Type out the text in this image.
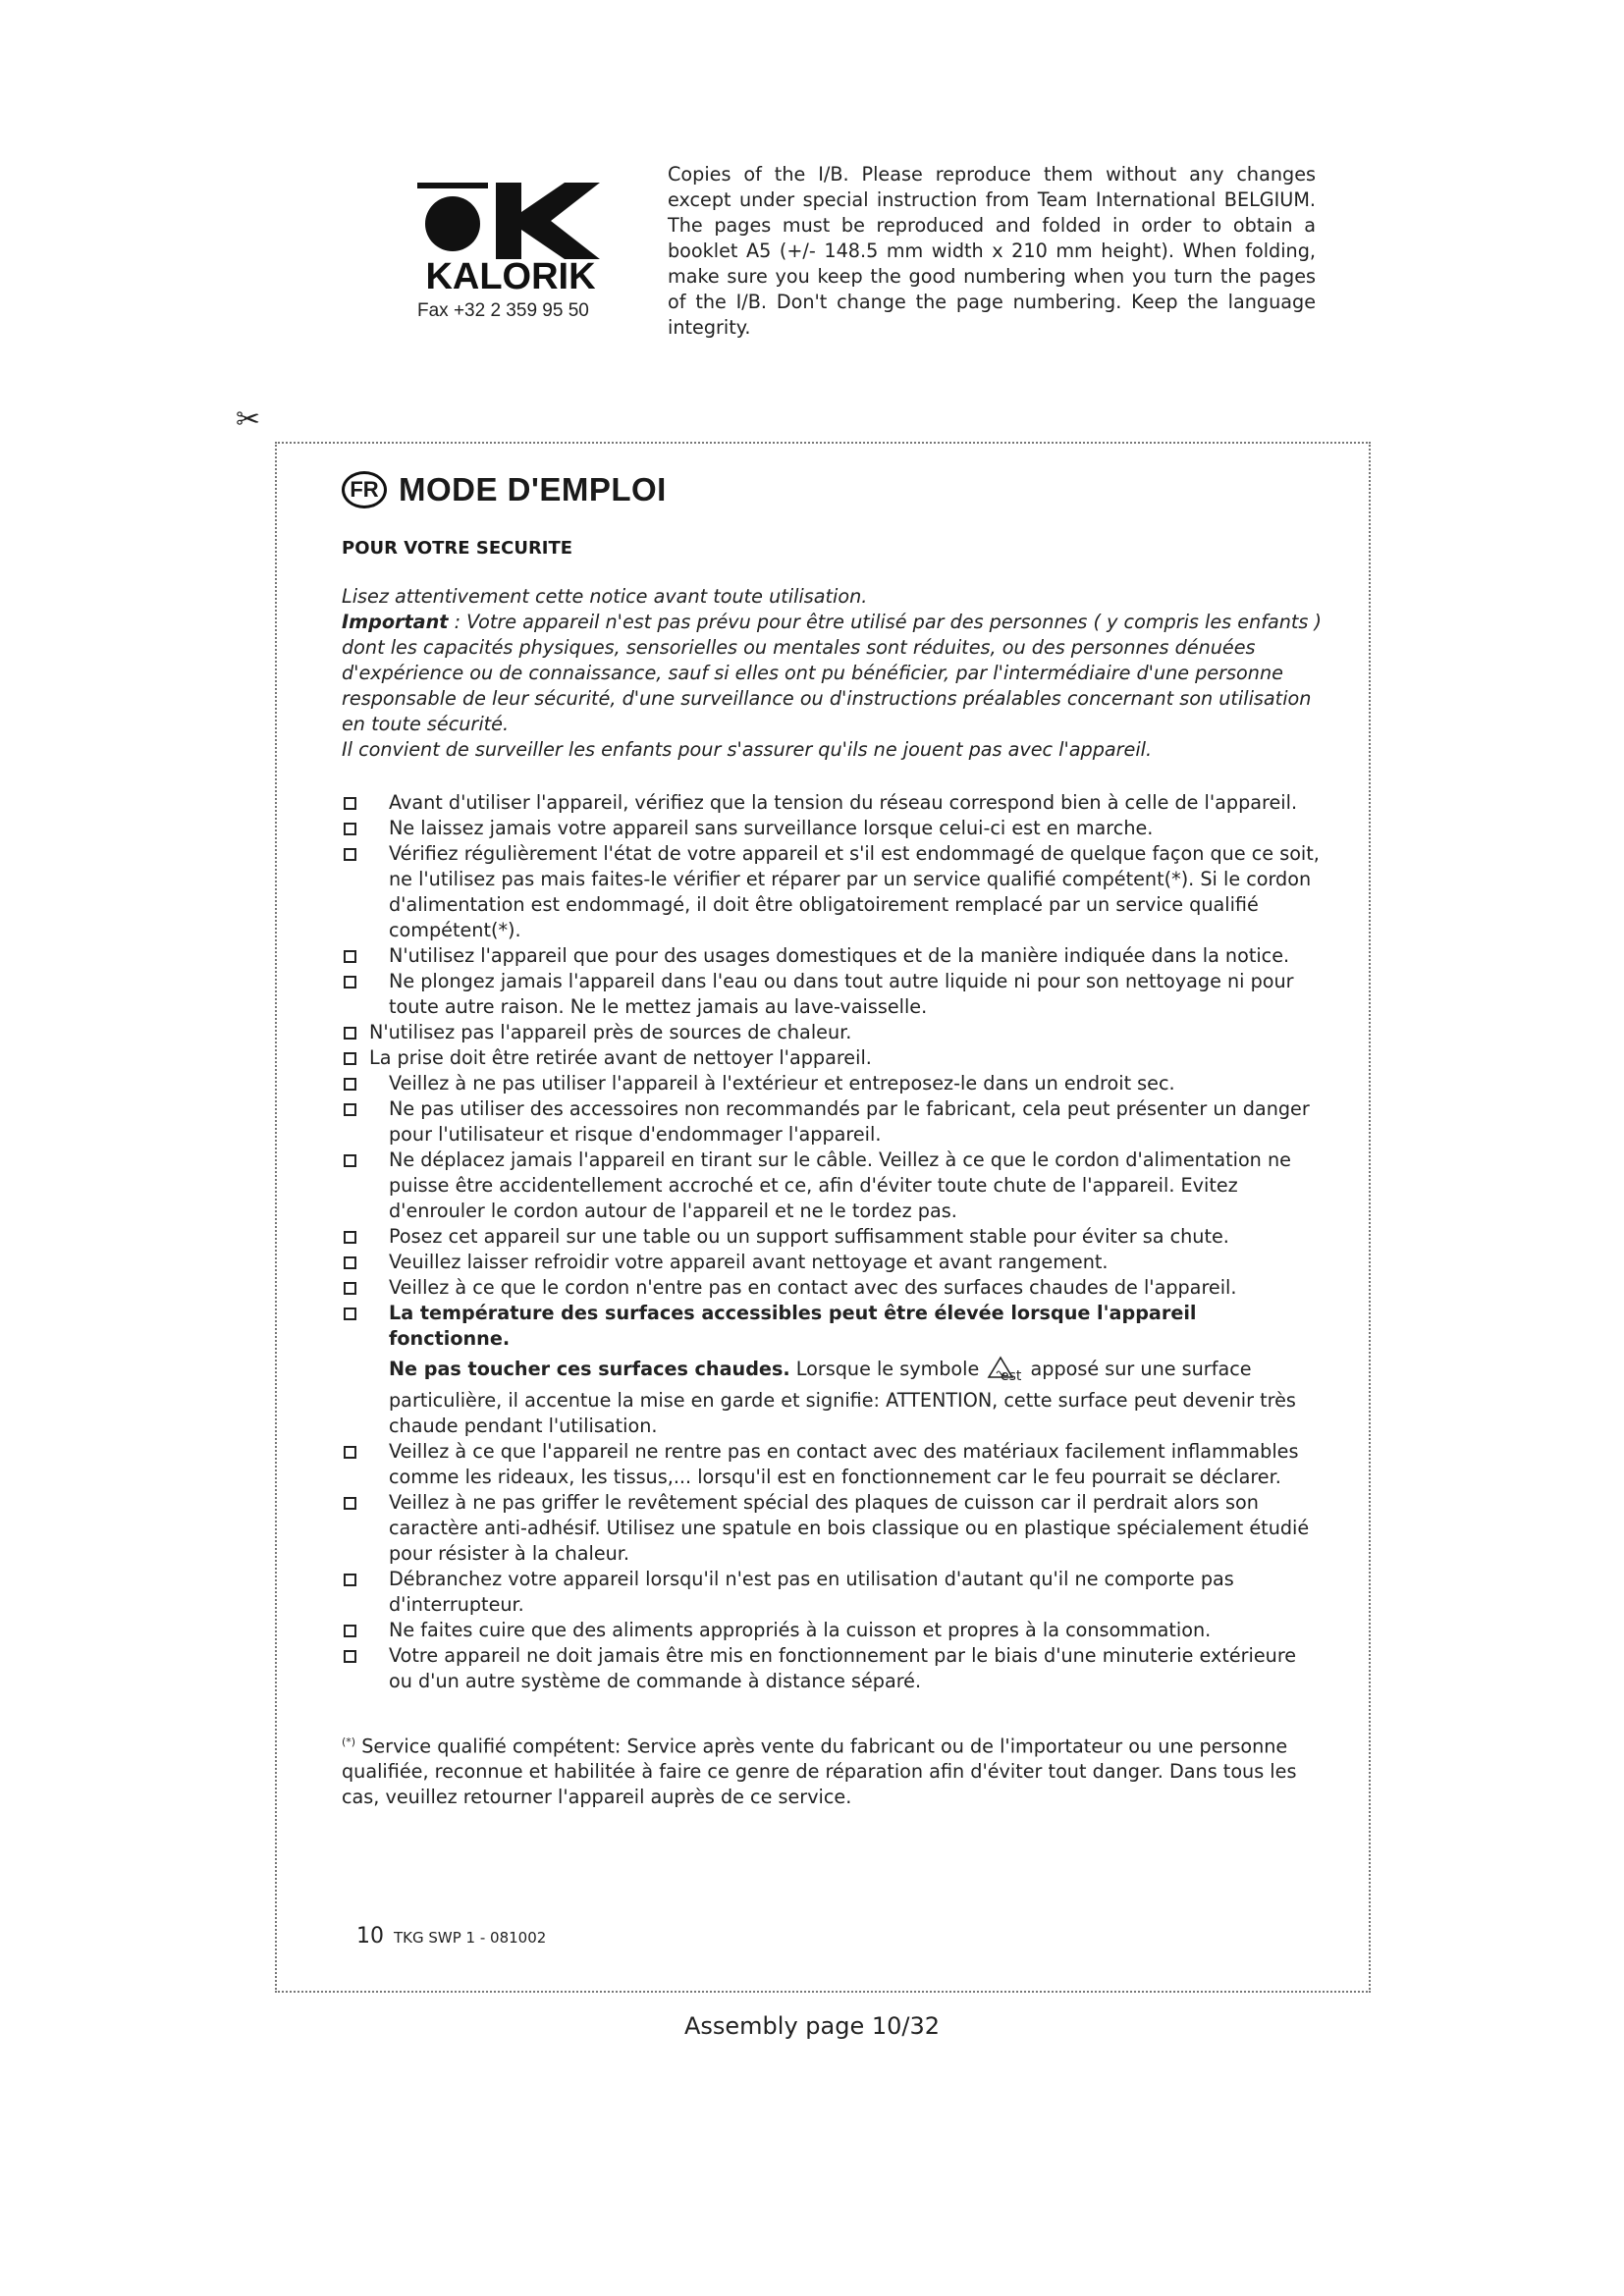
KALORIK
Fax +32 2 359 95 50
Copies of the I/B. Please reproduce them without any changes except under special instruction from Team International BELGIUM. The pages must be reproduced and folded in order to obtain a booklet A5 (+/- 148.5 mm width x 210 mm height). When folding, make sure you keep the good numbering when you turn the pages of the I/B. Don't change the page numbering. Keep the language integrity.
✂
FR MODE D'EMPLOI
POUR VOTRE SECURITE

Lisez attentivement cette notice avant toute utilisation.

Important : Votre appareil n'est pas prévu pour être utilisé par des personnes ( y compris les enfants ) dont les capacités physiques, sensorielles ou mentales sont réduites, ou des personnes dénuées d'expérience ou de connaissance, sauf si elles ont pu bénéficier, par l'intermédiaire d'une personne responsable de leur sécurité, d'une surveillance ou d'instructions préalables concernant son utilisation en toute sécurité.

Il convient de surveiller les enfants pour s'assurer qu'ils ne jouent pas avec l'appareil.

Avant d'utiliser l'appareil, vérifiez que la tension du réseau correspond bien à celle de l'appareil.
Ne laissez jamais votre appareil sans surveillance lorsque celui-ci est en marche.
Vérifiez régulièrement l'état de votre appareil et s'il est endommagé de quelque façon que ce soit, ne l'utilisez pas mais faites-le vérifier et réparer par un service qualifié compétent(*). Si le cordon d'alimentation est endommagé, il doit être obligatoirement remplacé par un service qualifié compétent(*).
N'utilisez l'appareil que pour des usages domestiques et de la manière indiquée dans la notice.
Ne plongez jamais l'appareil dans l'eau ou dans tout autre liquide ni pour son nettoyage ni pour toute autre raison. Ne le mettez jamais au lave-vaisselle.
N'utilisez pas l'appareil près de sources de chaleur.
La prise doit être retirée avant de nettoyer l'appareil.
Veillez à ne pas utiliser l'appareil à l'extérieur et entreposez-le dans un endroit sec.
Ne pas utiliser des accessoires non recommandés par le fabricant, cela peut présenter un danger pour l'utilisateur et risque d'endommager l'appareil.
Ne déplacez jamais l'appareil en tirant sur le câble. Veillez à ce que le cordon d'alimentation ne puisse être accidentellement accroché et ce, afin d'éviter toute chute de l'appareil. Evitez d'enrouler le cordon autour de l'appareil et ne le tordez pas.
Posez cet appareil sur une table ou un support suffisamment stable pour éviter sa chute.
Veuillez laisser refroidir votre appareil avant nettoyage et avant rangement.
Veillez à ce que le cordon n'entre pas en contact avec des surfaces chaudes de l'appareil.
La température des surfaces accessibles peut être élevée lorsque l'appareil fonctionne.
Ne pas toucher ces surfaces chaudes. Lorsque le symbole est apposé sur une surface particulière, il accentue la mise en garde et signifie: ATTENTION, cette surface peut devenir très chaude pendant l'utilisation.
Veillez à ce que l'appareil ne rentre pas en contact avec des matériaux facilement inflammables comme les rideaux, les tissus,... lorsqu'il est en fonctionnement car le feu pourrait se déclarer.
Veillez à ne pas griffer le revêtement spécial des plaques de cuisson car il perdrait alors son caractère anti-adhésif. Utilisez une spatule en bois classique ou en plastique spécialement étudié pour résister à la chaleur.
Débranchez votre appareil lorsqu'il n'est pas en utilisation d'autant qu'il ne comporte pas d'interrupteur.
Ne faites cuire que des aliments appropriés à la cuisson et propres à la consommation.
Votre appareil ne doit jamais être mis en fonctionnement par le biais d'une minuterie extérieure ou d'un autre système de commande à distance séparé.
(*) Service qualifié compétent: Service après vente du fabricant ou de l'importateur ou une personne qualifiée, reconnue et habilitée à faire ce genre de réparation afin d'éviter tout danger. Dans tous les cas, veuillez retourner l'appareil auprès de ce service.
10 TKG SWP 1 - 081002
Assembly page 10/32
